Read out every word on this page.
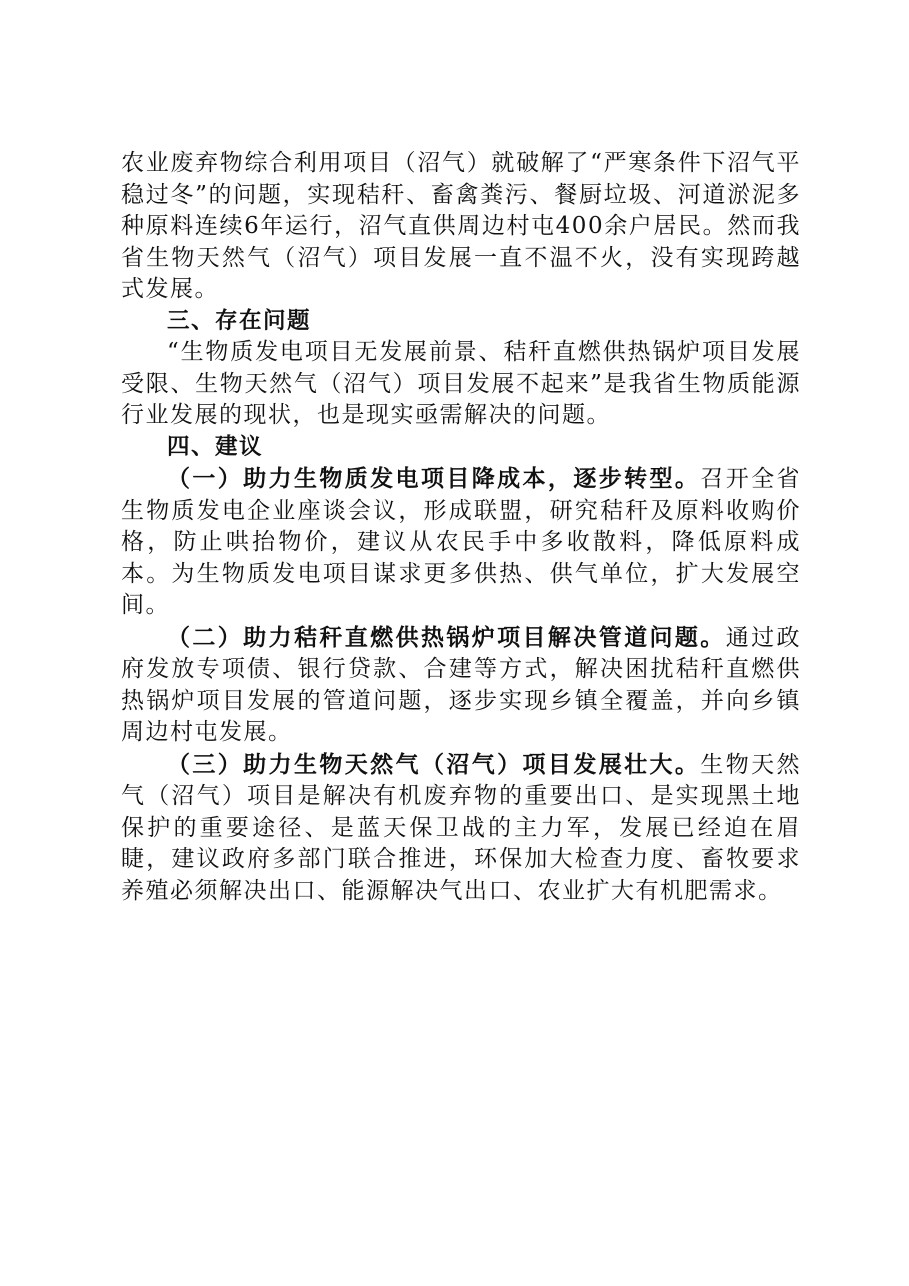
农业废弃物综合利用项目（沼气）就破解了“严寒条件下沼气平稳过冬”的问题，实现秸秆、畜禽粪污、餐厨垃圾、河道淤泥多种原料连续6年运行，沼气直供周边村屯400余户居民。然而我省生物天然气（沼气）项目发展一直不温不火，没有实现跨越式发展。

三、存在问题

“生物质发电项目无发展前景、秸秆直燃供热锅炉项目发展受限、生物天然气（沼气）项目发展不起来”是我省生物质能源行业发展的现状，也是现实亟需解决的问题。

四、建议

（一）助力生物质发电项目降成本，逐步转型。召开全省生物质发电企业座谈会议，形成联盟，研究秸秆及原料收购价格，防止哄抬物价，建议从农民手中多收散料，降低原料成本。为生物质发电项目谋求更多供热、供气单位，扩大发展空间。

（二）助力秸秆直燃供热锅炉项目解决管道问题。通过政府发放专项债、银行贷款、合建等方式，解决困扰秸秆直燃供热锅炉项目发展的管道问题，逐步实现乡镇全覆盖，并向乡镇周边村屯发展。

（三）助力生物天然气（沼气）项目发展壮大。生物天然气（沼气）项目是解决有机废弃物的重要出口、是实现黑土地保护的重要途径、是蓝天保卫战的主力军，发展已经迫在眉睫，建议政府多部门联合推进，环保加大检查力度、畜牧要求养殖必须解决出口、能源解决气出口、农业扩大有机肥需求。
